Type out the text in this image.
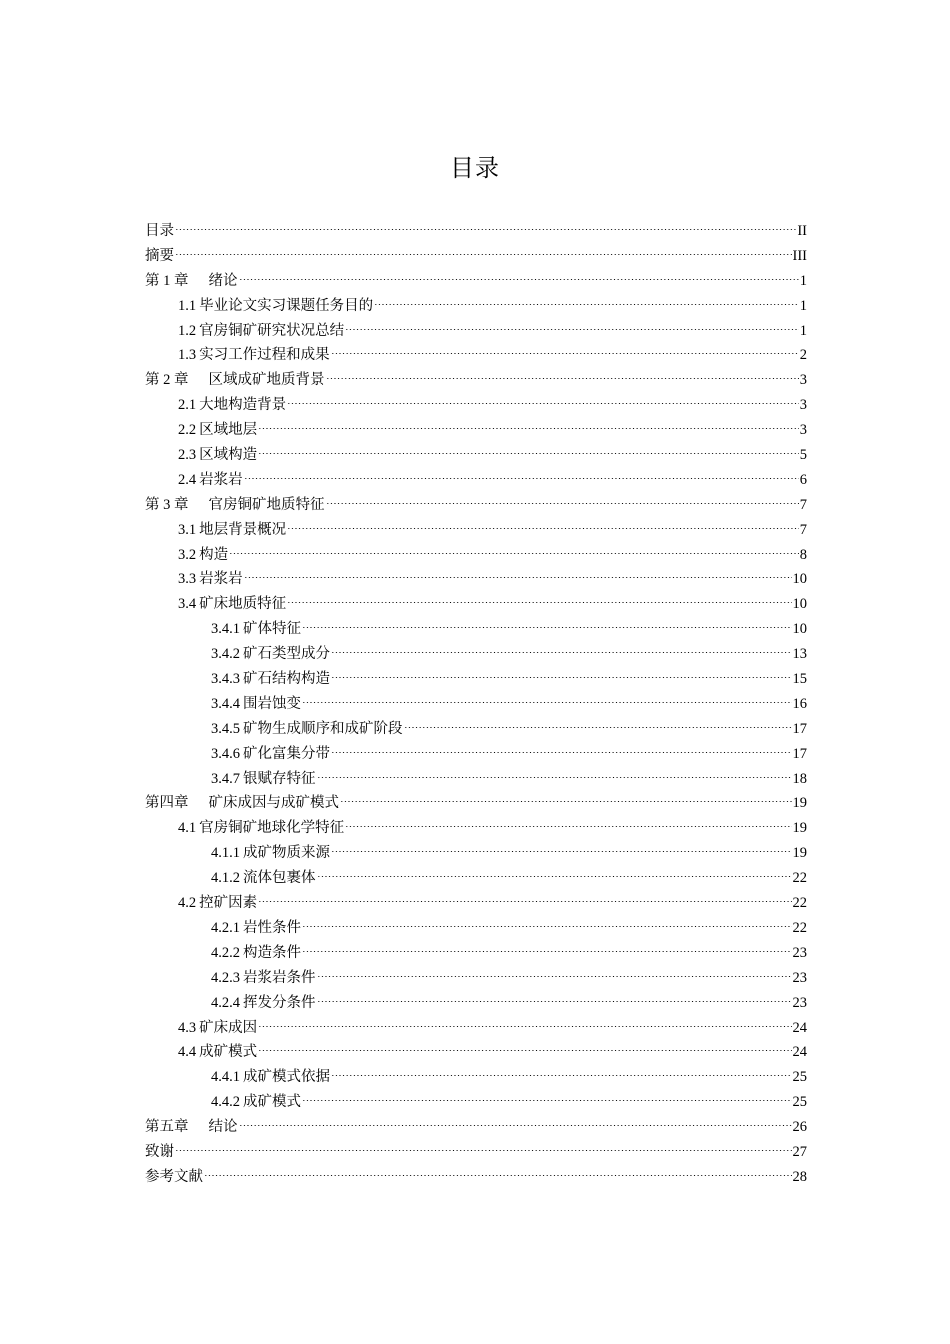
目录
目录	II
摘要	III
第 1 章 绪论	1
1.1 毕业论文实习课题任务目的	1
1.2 官房铜矿研究状况总结	1
1.3 实习工作过程和成果	2
第 2 章 区域成矿地质背景	3
2.1 大地构造背景	3
2.2 区域地层	3
2.3 区域构造	5
2.4 岩浆岩	6
第 3 章 官房铜矿地质特征	7
3.1 地层背景概况	7
3.2 构造	8
3.3 岩浆岩	10
3.4 矿床地质特征	10
3.4.1 矿体特征	10
3.4.2 矿石类型成分	13
3.4.3 矿石结构构造	15
3.4.4 围岩蚀变	16
3.4.5 矿物生成顺序和成矿阶段	17
3.4.6 矿化富集分带	17
3.4.7 银赋存特征	18
第四章 矿床成因与成矿模式	19
4.1 官房铜矿地球化学特征	19
4.1.1 成矿物质来源	19
4.1.2 流体包裹体	22
4.2 控矿因素	22
4.2.1 岩性条件	22
4.2.2 构造条件	23
4.2.3 岩浆岩条件	23
4.2.4 挥发分条件	23
4.3 矿床成因	24
4.4 成矿模式	24
4.4.1 成矿模式依据	25
4.4.2 成矿模式	25
第五章 结论	26
致谢	27
参考文献	28
